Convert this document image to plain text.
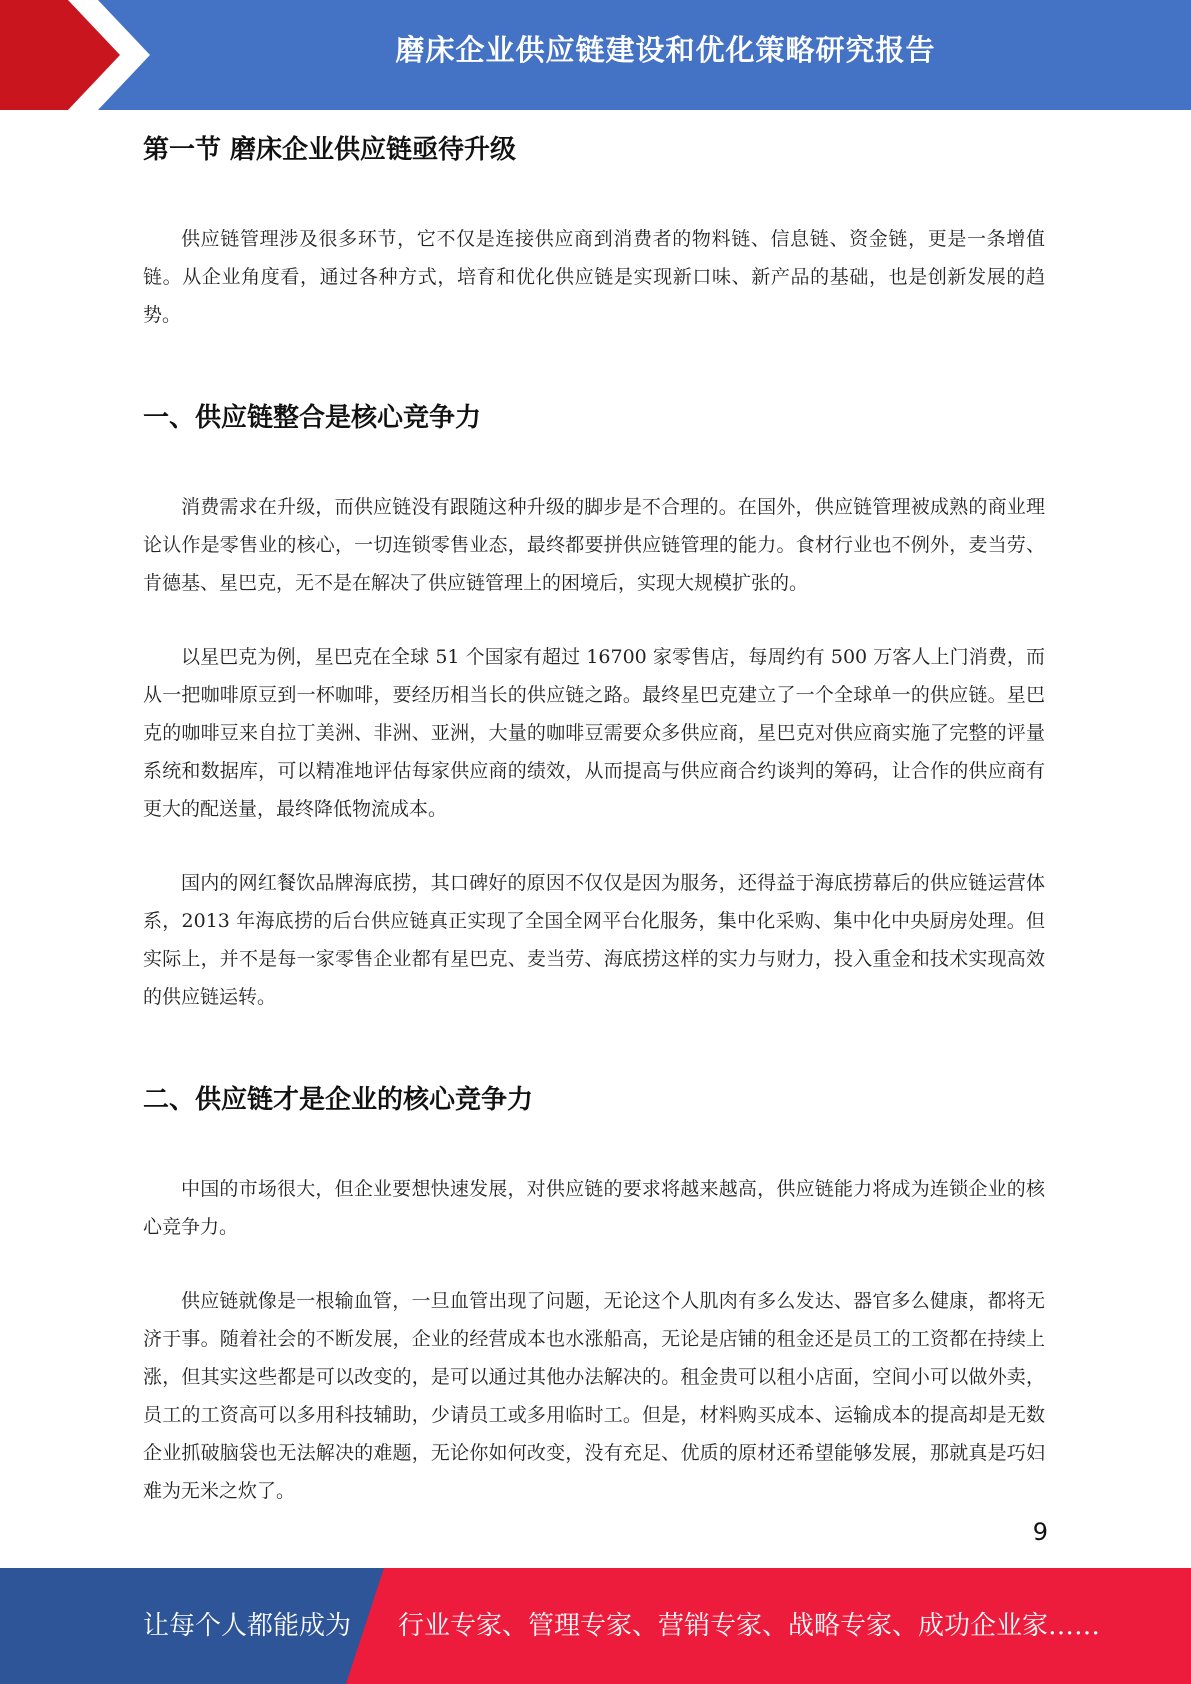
磨床企业供应链建设和优化策略研究报告
第一节 磨床企业供应链亟待升级

供应链管理涉及很多环节，它不仅是连接供应商到消费者的物料链、信息链、资金链，更是一条增值链。从企业角度看，通过各种方式，培育和优化供应链是实现新口味、新产品的基础，也是创新发展的趋势。

一、供应链整合是核心竞争力

消费需求在升级，而供应链没有跟随这种升级的脚步是不合理的。在国外，供应链管理被成熟的商业理论认作是零售业的核心，一切连锁零售业态，最终都要拼供应链管理的能力。食材行业也不例外，麦当劳、肯德基、星巴克，无不是在解决了供应链管理上的困境后，实现大规模扩张的。

以星巴克为例，星巴克在全球 51 个国家有超过 16700 家零售店，每周约有 500 万客人上门消费，而从一把咖啡原豆到一杯咖啡，要经历相当长的供应链之路。最终星巴克建立了一个全球单一的供应链。星巴克的咖啡豆来自拉丁美洲、非洲、亚洲，大量的咖啡豆需要众多供应商，星巴克对供应商实施了完整的评量系统和数据库，可以精准地评估每家供应商的绩效，从而提高与供应商合约谈判的筹码，让合作的供应商有更大的配送量，最终降低物流成本。

国内的网红餐饮品牌海底捞，其口碑好的原因不仅仅是因为服务，还得益于海底捞幕后的供应链运营体系，2013 年海底捞的后台供应链真正实现了全国全网平台化服务，集中化采购、集中化中央厨房处理。但实际上，并不是每一家零售企业都有星巴克、麦当劳、海底捞这样的实力与财力，投入重金和技术实现高效的供应链运转。

二、供应链才是企业的核心竞争力

中国的市场很大，但企业要想快速发展，对供应链的要求将越来越高，供应链能力将成为连锁企业的核心竞争力。

供应链就像是一根输血管，一旦血管出现了问题，无论这个人肌肉有多么发达、器官多么健康，都将无济于事。随着社会的不断发展，企业的经营成本也水涨船高，无论是店铺的租金还是员工的工资都在持续上涨，但其实这些都是可以改变的，是可以通过其他办法解决的。租金贵可以租小店面，空间小可以做外卖，员工的工资高可以多用科技辅助，少请员工或多用临时工。但是，材料购买成本、运输成本的提高却是无数企业抓破脑袋也无法解决的难题，无论你如何改变，没有充足、优质的原材还希望能够发展，那就真是巧妇难为无米之炊了。

9
让每个人都能成为 行业专家、管理专家、营销专家、战略专家、成功企业家……
